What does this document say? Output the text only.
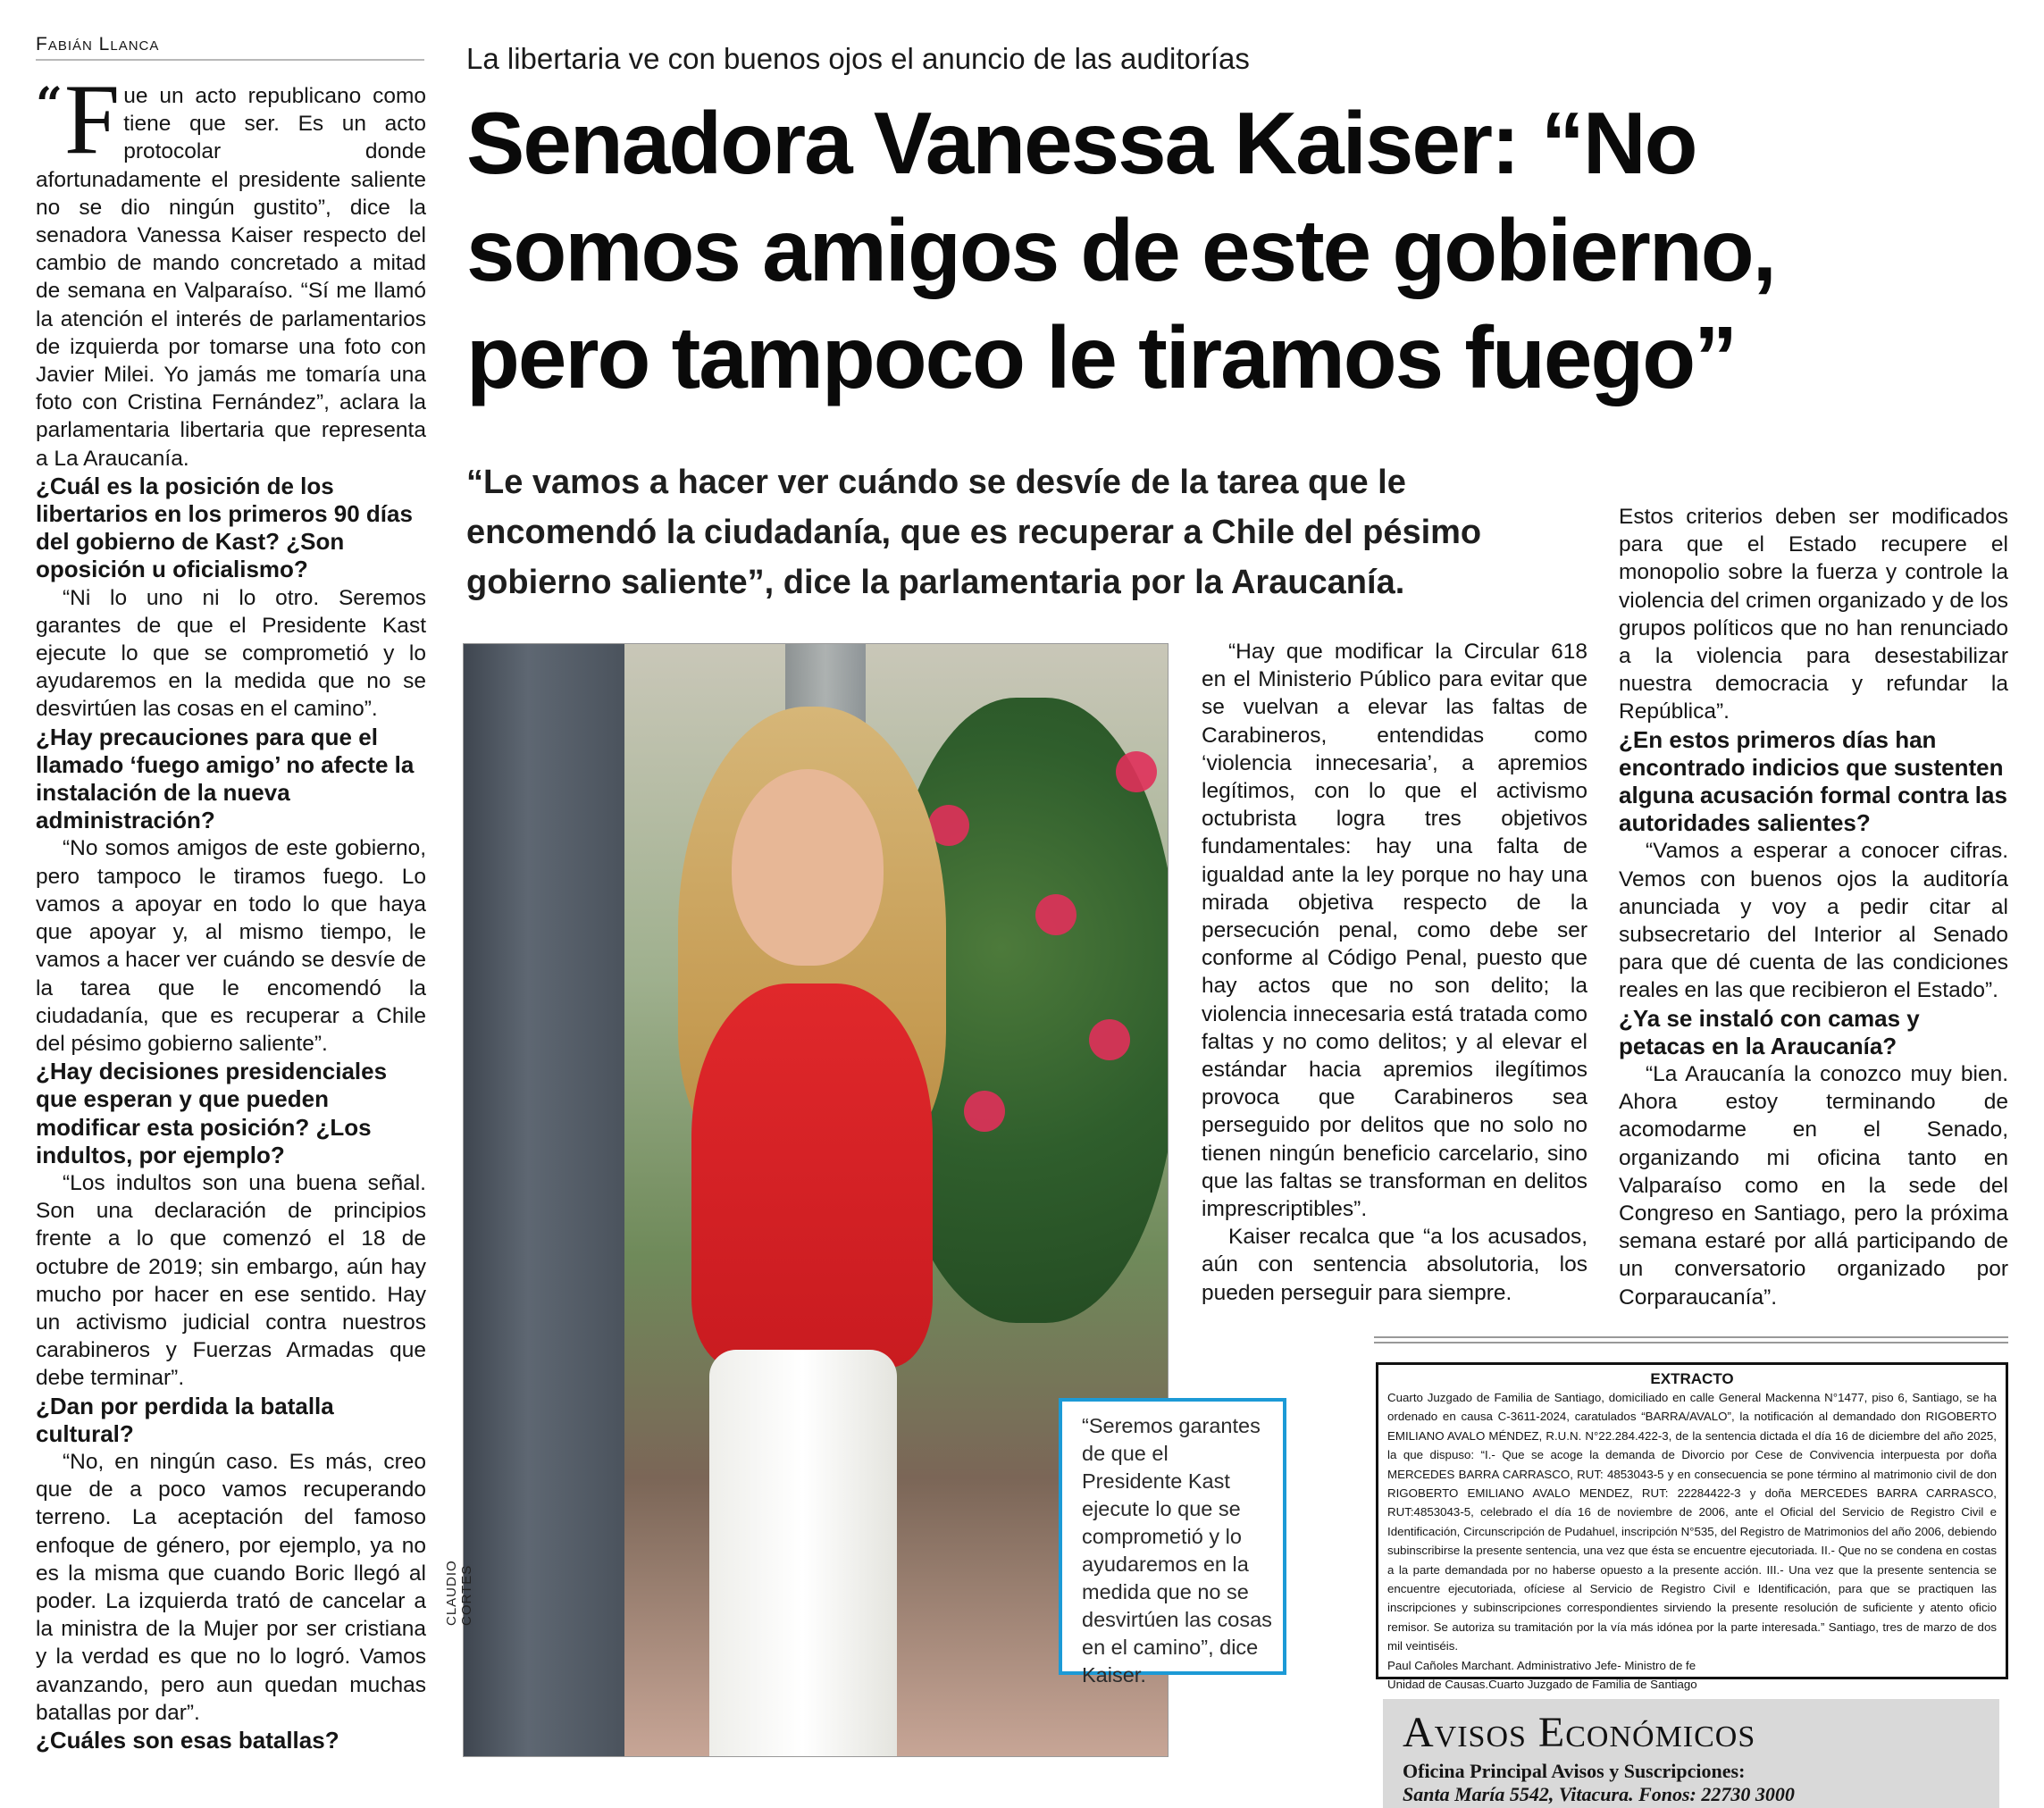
Fabián Llanca

“ F ue un acto republicano como tiene que ser. Es un acto protocolar donde afortunadamente el presidente saliente no se dio ningún gustito”, dice la senadora Vanessa Kaiser respecto del cambio de mando concretado a mitad de semana en Valparaíso. “Sí me llamó la atención el interés de parlamentarios de izquierda por tomarse una foto con Javier Milei. Yo jamás me tomaría una foto con Cristina Fernández”, aclara la parlamentaria libertaria que representa a La Araucanía.

¿Cuál es la posición de los libertarios en los primeros 90 días del gobierno de Kast? ¿Son oposición u oficialismo?

“Ni lo uno ni lo otro. Seremos garantes de que el Presidente Kast ejecute lo que se comprometió y lo ayudaremos en la medida que no se desvirtúen las cosas en el camino”.

¿Hay precauciones para que el llamado ‘fuego amigo’ no afecte la instalación de la nueva administración?

“No somos amigos de este gobierno, pero tampoco le tiramos fuego. Lo vamos a apoyar en todo lo que haya que apoyar y, al mismo tiempo, le vamos a hacer ver cuándo se desvíe de la tarea que le encomendó la ciudadanía, que es recuperar a Chile del pésimo gobierno saliente”.

¿Hay decisiones presidenciales que esperan y que pueden modificar esta posición? ¿Los indultos, por ejemplo?

“Los indultos son una buena señal. Son una declaración de principios frente a lo que comenzó el 18 de octubre de 2019; sin embargo, aún hay mucho por hacer en ese sentido. Hay un activismo judicial contra nuestros carabineros y Fuerzas Armadas que debe terminar”.

¿Dan por perdida la batalla cultural?

“No, en ningún caso. Es más, creo que de a poco vamos recuperando terreno. La aceptación del famoso enfoque de género, por ejemplo, ya no es la misma que cuando Boric llegó al poder. La izquierda trató de cancelar a la ministra de la Mujer por ser cristiana y la verdad es que no lo logró. Vamos avanzando, pero aun quedan muchas batallas por dar”.

¿Cuáles son esas batallas?

La libertaria ve con buenos ojos el anuncio de las auditorías
Senadora Vanessa Kaiser: “No somos amigos de este gobierno, pero tampoco le tiramos fuego”

“Le vamos a hacer ver cuándo se desvíe de la tarea que le encomendó la ciudadanía, que es recuperar a Chile del pésimo gobierno saliente”, dice la parlamentaria por la Araucanía.

CLAUDIO CORTES
“Seremos garantes de que el Presidente Kast ejecute lo que se comprometió y lo ayudaremos en la medida que no se desvirtúen las cosas en el camino”, dice Kaiser.

“Hay que modificar la Circular 618 en el Ministerio Público para evitar que se vuelvan a elevar las faltas de Carabineros, entendidas como ‘violencia innecesaria’, a apremios legítimos, con lo que el activismo octubrista logra tres objetivos fundamentales: hay una falta de igualdad ante la ley porque no hay una mirada objetiva respecto de la persecución penal, como debe ser conforme al Código Penal, puesto que hay actos que no son delito; la violencia innecesaria está tratada como faltas y no como delitos; y al elevar el estándar hacia apremios ilegítimos provoca que Carabineros sea perseguido por delitos que no solo no tienen ningún beneficio carcelario, sino que las faltas se transforman en delitos imprescriptibles”.

Kaiser recalca que “a los acusados, aún con sentencia absolutoria, los pueden perseguir para siempre.

Estos criterios deben ser modificados para que el Estado recupere el monopolio sobre la fuerza y controle la violencia del crimen organizado y de los grupos políticos que no han renunciado a la violencia para desestabilizar nuestra democracia y refundar la República”.

¿En estos primeros días han encontrado indicios que sustenten alguna acusación formal contra las autoridades salientes?

“Vamos a esperar a conocer cifras. Vemos con buenos ojos la auditoría anunciada y voy a pedir citar al subsecretario del Interior al Senado para que dé cuenta de las condiciones reales en las que recibieron el Estado”.

¿Ya se instaló con camas y petacas en la Araucanía?

“La Araucanía la conozco muy bien. Ahora estoy terminando de acomodarme en el Senado, organizando mi oficina tanto en Valparaíso como en la sede del Congreso en Santiago, pero la próxima semana estaré por allá participando de un conversatorio organizado por Corparaucanía”.

EXTRACTO

Cuarto Juzgado de Familia de Santiago, domiciliado en calle General Mackenna N°1477, piso 6, Santiago, se ha ordenado en causa C-3611-2024, caratulados “BARRA/AVALO”, la notificación al demandado don RIGOBERTO EMILIANO AVALO MÉNDEZ, R.U.N. N°22.284.422-3, de la sentencia dictada el día 16 de diciembre del año 2025, la que dispuso: “I.- Que se acoge la demanda de Divorcio por Cese de Convivencia interpuesta por doña MERCEDES BARRA CARRASCO, RUT: 4853043-5 y en consecuencia se pone término al matrimonio civil de don RIGOBERTO EMILIANO AVALO MENDEZ, RUT: 22284422-3 y doña MERCEDES BARRA CARRASCO, RUT:4853043-5, celebrado el día 16 de noviembre de 2006, ante el Oficial del Servicio de Registro Civil e Identificación, Circunscripción de Pudahuel, inscripción N°535, del Registro de Matrimonios del año 2006, debiendo subinscribirse la presente sentencia, una vez que ésta se encuentre ejecutoriada. II.- Que no se condena en costas a la parte demandada por no haberse opuesto a la presente acción. III.- Una vez que la presente sentencia se encuentre ejecutoriada, ofíciese al Servicio de Registro Civil e Identificación, para que se practiquen las inscripciones y subinscripciones correspondientes sirviendo la presente resolución de suficiente y atento oficio remisor. Se autoriza su tramitación por la vía más idónea por la parte interesada.” Santiago, tres de marzo de dos mil veintiséis.

Paul Cañoles Marchant. Administrativo Jefe- Ministro de fe

Unidad de Causas.Cuarto Juzgado de Familia de Santiago

Avisos Económicos

Oficina Principal Avisos y Suscripciones:

Santa María 5542, Vitacura. Fonos: 22730 3000
